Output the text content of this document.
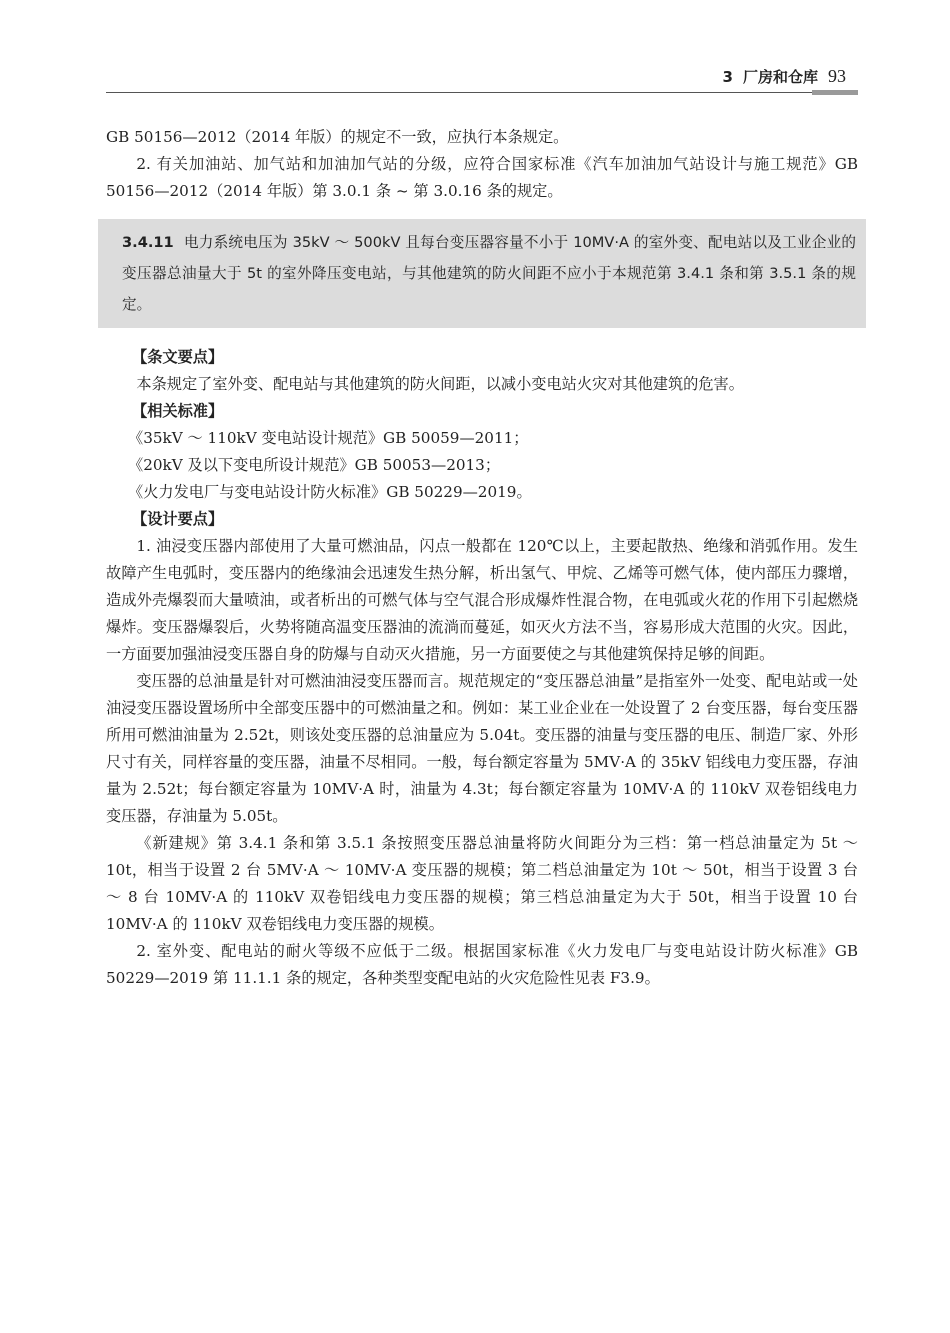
3 厂房和仓库 93

GB 50156—2012（2014 年版）的规定不一致，应执行本条规定。

2. 有关加油站、加气站和加油加气站的分级，应符合国家标准《汽车加油加气站设计与施工规范》GB 50156—2012（2014 年版）第 3.0.1 条 ~ 第 3.0.16 条的规定。

3.4.11 电力系统电压为 35kV ～ 500kV 且每台变压器容量不小于 10MV·A 的室外变、配电站以及工业企业的变压器总油量大于 5t 的室外降压变电站，与其他建筑的防火间距不应小于本规范第 3.4.1 条和第 3.5.1 条的规定。

【条文要点】

本条规定了室外变、配电站与其他建筑的防火间距，以减小变电站火灾对其他建筑的危害。

【相关标准】

《35kV ～ 110kV 变电站设计规范》GB 50059—2011；

《20kV 及以下变电所设计规范》GB 50053—2013；

《火力发电厂与变电站设计防火标准》GB 50229—2019。

【设计要点】

1. 油浸变压器内部使用了大量可燃油品，闪点一般都在 120℃以上，主要起散热、绝缘和消弧作用。发生故障产生电弧时，变压器内的绝缘油会迅速发生热分解，析出氢气、甲烷、乙烯等可燃气体，使内部压力骤增，造成外壳爆裂而大量喷油，或者析出的可燃气体与空气混合形成爆炸性混合物，在电弧或火花的作用下引起燃烧爆炸。变压器爆裂后，火势将随高温变压器油的流淌而蔓延，如灭火方法不当，容易形成大范围的火灾。因此，一方面要加强油浸变压器自身的防爆与自动灭火措施，另一方面要使之与其他建筑保持足够的间距。

变压器的总油量是针对可燃油油浸变压器而言。规范规定的“变压器总油量”是指室外一处变、配电站或一处油浸变压器设置场所中全部变压器中的可燃油量之和。例如：某工业企业在一处设置了 2 台变压器，每台变压器所用可燃油油量为 2.52t，则该处变压器的总油量应为 5.04t。变压器的油量与变压器的电压、制造厂家、外形尺寸有关，同样容量的变压器，油量不尽相同。一般，每台额定容量为 5MV·A 的 35kV 铝线电力变压器，存油量为 2.52t；每台额定容量为 10MV·A 时，油量为 4.3t；每台额定容量为 10MV·A 的 110kV 双卷铝线电力变压器，存油量为 5.05t。

《新建规》第 3.4.1 条和第 3.5.1 条按照变压器总油量将防火间距分为三档：第一档总油量定为 5t ～ 10t，相当于设置 2 台 5MV·A ～ 10MV·A 变压器的规模；第二档总油量定为 10t ～ 50t，相当于设置 3 台 ～ 8 台 10MV·A 的 110kV 双卷铝线电力变压器的规模；第三档总油量定为大于 50t，相当于设置 10 台 10MV·A 的 110kV 双卷铝线电力变压器的规模。

2. 室外变、配电站的耐火等级不应低于二级。根据国家标准《火力发电厂与变电站设计防火标准》GB 50229—2019 第 11.1.1 条的规定，各种类型变配电站的火灾危险性见表 F3.9。
